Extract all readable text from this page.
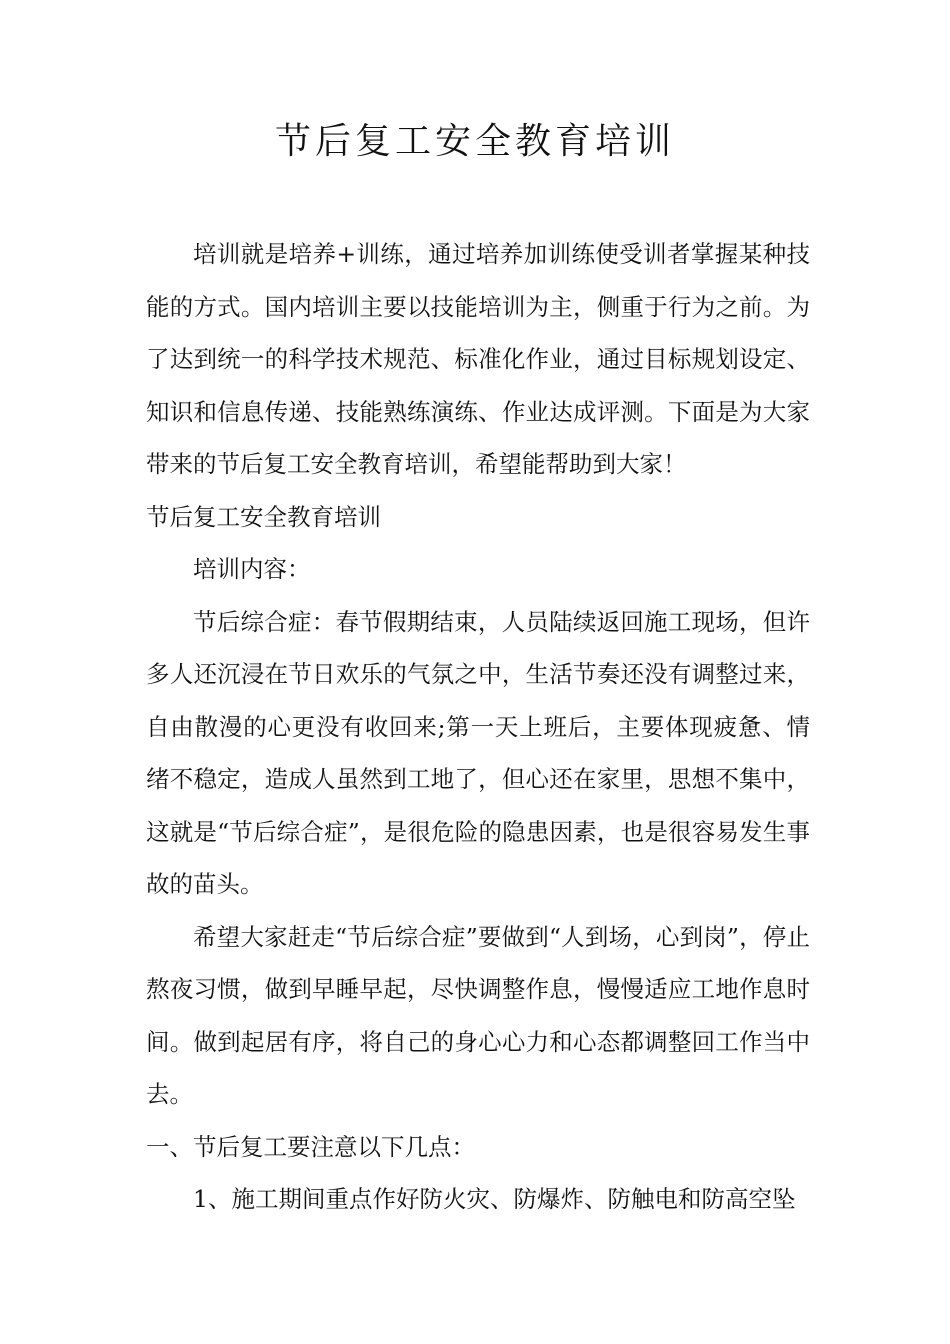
节后复工安全教育培训

培训就是培养+训练，通过培养加训练使受训者掌握某种技能的方式。国内培训主要以技能培训为主，侧重于行为之前。为了达到统一的科学技术规范、标准化作业，通过目标规划设定、知识和信息传递、技能熟练演练、作业达成评测。下面是为大家带来的节后复工安全教育培训，希望能帮助到大家！

节后复工安全教育培训

培训内容：

节后综合症：春节假期结束，人员陆续返回施工现场，但许多人还沉浸在节日欢乐的气氛之中，生活节奏还没有调整过来，自由散漫的心更没有收回来;第一天上班后，主要体现疲惫、情绪不稳定，造成人虽然到工地了，但心还在家里，思想不集中，这就是“节后综合症”，是很危险的隐患因素，也是很容易发生事故的苗头。

希望大家赶走“节后综合症”要做到“人到场，心到岗”，停止熬夜习惯，做到早睡早起，尽快调整作息，慢慢适应工地作息时间。做到起居有序，将自己的身心心力和心态都调整回工作当中去。

一、节后复工要注意以下几点：

1、施工期间重点作好防火灾、防爆炸、防触电和防高空坠
